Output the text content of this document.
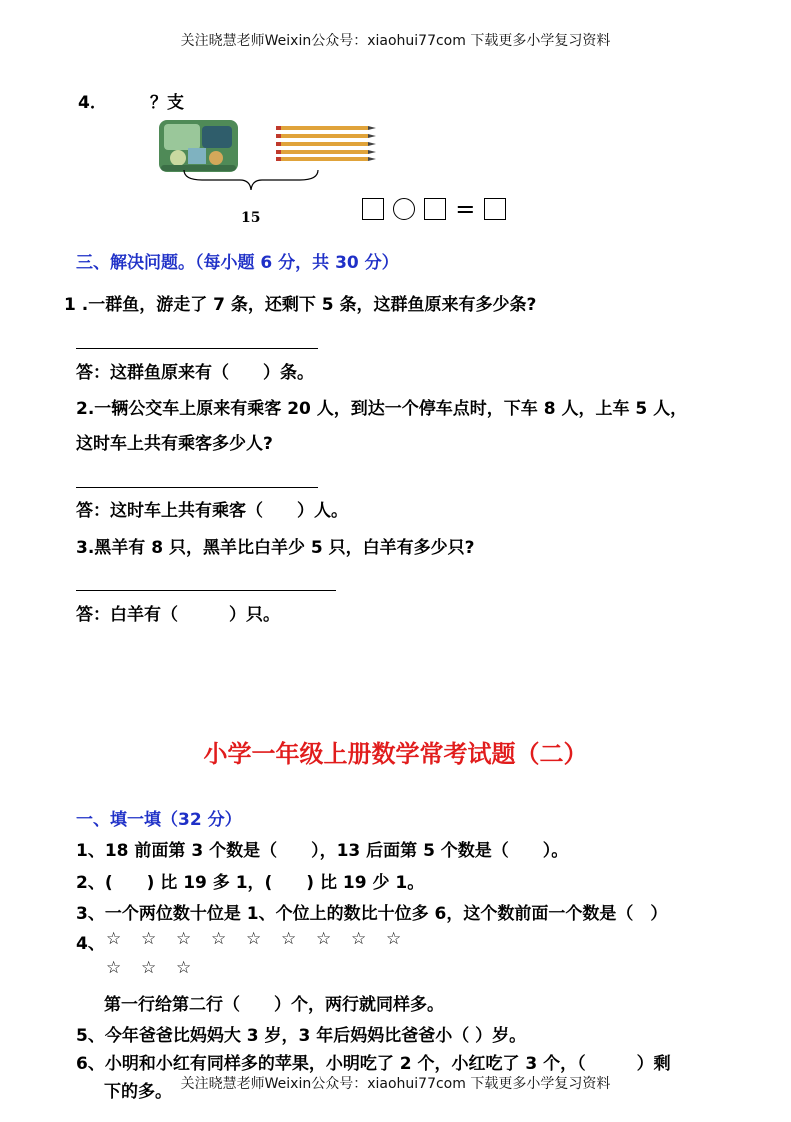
关注晓慧老师Weixin公众号：xiaohui77com 下载更多小学复习资料
4．	？支
15	=
三、解决问题。（每小题 6 分，共 30 分）
1 .一群鱼，游走了 7 条，还剩下 5 条，这群鱼原来有多少条?
答：这群鱼原来有（　　）条。
2.一辆公交车上原来有乘客 20 人，到达一个停车点时，下车 8 人，上车 5 人，
这时车上共有乘客多少人?
答：这时车上共有乘客（　　）人。
3.黑羊有 8 只，黑羊比白羊少 5 只，白羊有多少只?
答：白羊有（　　　）只。
小学一年级上册数学常考试题（二）
一、填一填（32 分）
1、18 前面第 3 个数是（　　），13 后面第 5 个数是（　　）。
2、(　　) 比 19 多 1，(　　) 比 19 少 1。
3、一个两位数十位是 1、个位上的数比十位多 6，这个数前面一个数是（　）
4、 ☆ ☆ ☆ ☆ ☆ ☆ ☆ ☆ ☆
☆ ☆ ☆
第一行给第二行（　　）个，两行就同样多。
5、今年爸爸比妈妈大 3 岁，3 年后妈妈比爸爸小（ ）岁。
6、小明和小红有同样多的苹果，小明吃了 2 个，小红吃了 3 个，（　　　）剩
下的多。 关注晓慧老师Weixin公众号：xiaohui77com 下载更多小学复习资料
